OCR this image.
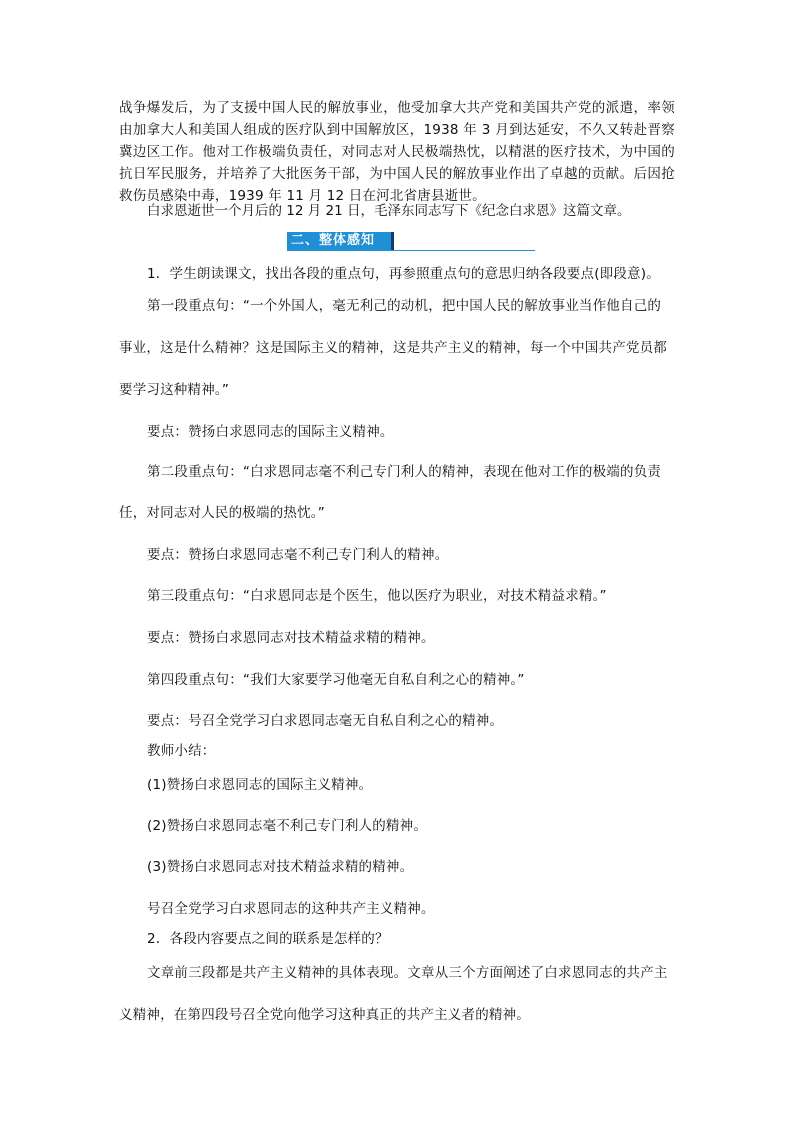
战争爆发后，为了支援中国人民的解放事业，他受加拿大共产党和美国共产党的派遣，率领由加拿大人和美国人组成的医疗队到中国解放区，1938 年 3 月到达延安，不久又转赴晋察冀边区工作。他对工作极端负责任，对同志对人民极端热忱，以精湛的医疗技术，为中国的抗日军民服务，并培养了大批医务干部，为中国人民的解放事业作出了卓越的贡献。后因抢救伤员感染中毒，1939 年 11 月 12 日在河北省唐县逝世。

白求恩逝世一个月后的 12 月 21 日，毛泽东同志写下《纪念白求恩》这篇文章。

二、整体感知

1．学生朗读课文，找出各段的重点句，再参照重点句的意思归纳各段要点(即段意)。

第一段重点句：“一个外国人，毫无利己的动机，把中国人民的解放事业当作他自己的

事业，这是什么精神？这是国际主义的精神，这是共产主义的精神，每一个中国共产党员都

要学习这种精神。”

要点：赞扬白求恩同志的国际主义精神。

第二段重点句：“白求恩同志毫不利己专门利人的精神，表现在他对工作的极端的负责

任，对同志对人民的极端的热忱。”

要点：赞扬白求恩同志毫不利己专门利人的精神。

第三段重点句：“白求恩同志是个医生，他以医疗为职业，对技术精益求精。”

要点：赞扬白求恩同志对技术精益求精的精神。

第四段重点句：“我们大家要学习他毫无自私自利之心的精神。”

要点：号召全党学习白求恩同志毫无自私自利之心的精神。

教师小结：

(1)赞扬白求恩同志的国际主义精神。

(2)赞扬白求恩同志毫不利己专门利人的精神。

(3)赞扬白求恩同志对技术精益求精的精神。

号召全党学习白求恩同志的这种共产主义精神。

2．各段内容要点之间的联系是怎样的？

文章前三段都是共产主义精神的具体表现。文章从三个方面阐述了白求恩同志的共产主

义精神，在第四段号召全党向他学习这种真正的共产主义者的精神。
